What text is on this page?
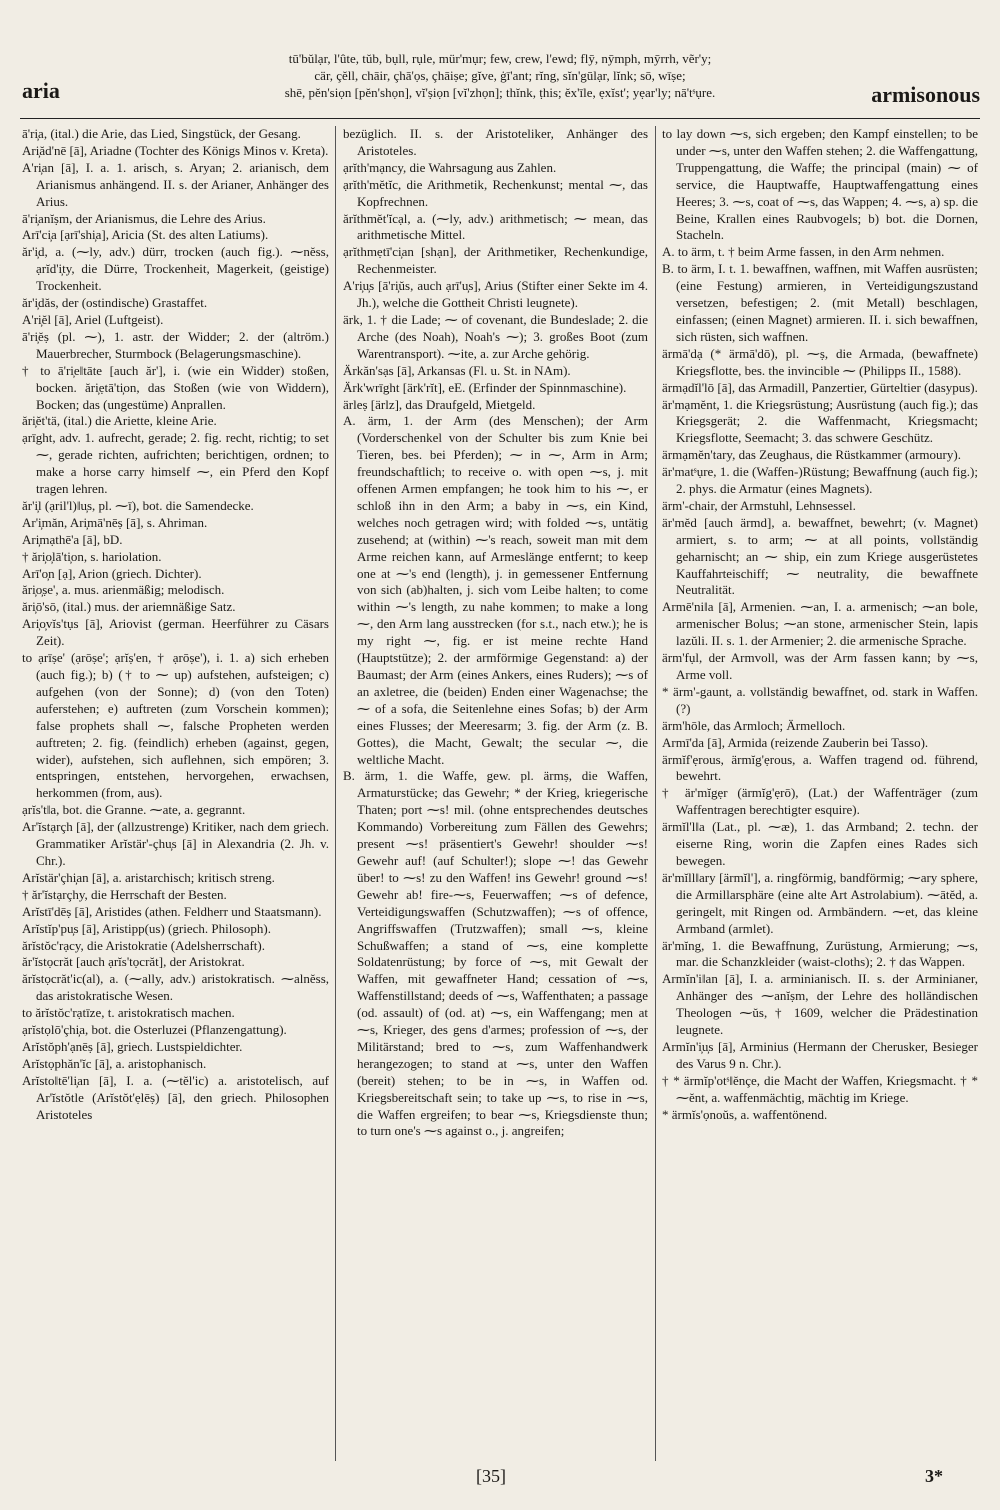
tū'bŭlạr, l'ûte, tŭb, bụll, rụle, mür'mụr; few, crew, l'ewd; flȳ, nȳmph, mȳrrh, vẽr'y;
cär, çĕll, chāir, çhā'ọs, çhāiṣe; gĭve, ġī'ant; rĭng, sĭn'gūlạr, lĭnk; sō, wīṣe;
shē, pĕn'siọn [pĕn'shọn], vĭ'ṣiọn [vĭ'zhọn]; thĭnk, ṭhis; ĕx'īle, ẹxĭst'; yẹar'ly; nā'tˢụre.
aria	armisonous

ā'ri̦a, (ital.) die Arie, das Lied, Singstück, der Gesang.

Ari̦ăd'nē [ā], Ariadne (Tochter des Königs Minos v. Kreta).

A'ri̦an [ā], I. a. 1. arisch, s. Aryan; 2. arianisch, dem Arianismus anhängend. II. s. der Arianer, Anhänger des Arius.

ā'ri̦anĭṣm, der Arianismus, die Lehre des Arius.

Arī'ci̦a [ạrī'shi̦a], Aricia (St. des alten Latiums).

ăr'i̦d, a. (⁓ly, adv.) dürr, trocken (auch fig.). ⁓nĕss, ạrĭd'i̦ty, die Dürre, Trockenheit, Magerkeit, (geistige) Trockenheit.

ăr'i̦dăs, der (ostindische) Grastaffet.

A'ri̦ĕl [ā], Ariel (Luftgeist).

ā'ri̦ĕṣ (pl. ⁓), 1. astr. der Widder; 2. der (altröm.) Mauerbrecher, Sturmbock (Belagerungsmaschine).

† to ā'ri̦e‖tāte [auch ăr'], i. (wie ein Widder) stoßen, bocken. ări̦ẹtā'ti̦on, das Stoßen (wie von Widdern), Bocken; das (ungestüme) Anprallen.

ări̦ĕt'tä, (ital.) die Ariette, kleine Arie.

ạrīght, adv. 1. aufrecht, gerade; 2. fig. recht, richtig; to set ⁓, gerade richten, aufrichten; berichtigen, ordnen; to make a horse carry himself ⁓, ein Pferd den Kopf tragen lehren.

ăr'i̦l (ạril'l)‖u̦s, pl. ⁓ī), bot. die Samendecke.

Ar'i̦măn, Ari̦mā'nēṣ [ā], s. Ahriman.

Ari̦mạthē'a [ā], bD.

† ări̦o̦lā'ti̦on, s. hariolation.

Arī'o̦n [ạ], Arion (griech. Dichter).

ări̦o̦ṣe', a. mus. arienmäßig; melodisch.

ări̦ō'sō, (ital.) mus. der ariemnäßige Satz.

Ari̦o̦vĭs'tụs [ā], Ariovist (german. Heerführer zu Cäsars Zeit).

to ạrīṣe' (ạrōṣe'; ạrĭṣ'en, † ạrōṣe'), i. 1. a) sich erheben (auch fig.); b) († to ⁓ up) aufstehen, aufsteigen; c) aufgehen (von der Sonne); d) (von den Toten) auferstehen; e) auftreten (zum Vorschein kommen); false prophets shall ⁓, falsche Propheten werden auftreten; 2. fig. (feindlich) erheben (against, gegen, wider), aufstehen, sich auflehnen, sich empören; 3. entspringen, entstehen, hervorgehen, erwachsen, herkommen (from, aus).

ạrĭs't‖a, bot. die Granne. ⁓ate, a. gegrannt.

Ar'ĭstạrçh [ā], der (allzustrenge) Kritiker, nach dem griech. Grammatiker Arĭstär'-çhu̦s [ā] in Alexandria (2. Jh. v. Chr.).

Arĭstär'çhi̦an [ā], a. aristarchisch; kritisch streng.

† ăr'ĭstạrçhy, die Herrschaft der Besten.

Arĭstī'dēṣ [ā], Aristides (athen. Feldherr und Staatsmann).

Arĭstĭp'pu̦s [ā], Aristipp(us) (griech. Philosoph).

ărĭstŏc'rạcy, die Aristokratie (Adelsherrschaft).

ăr'ĭstọcrăt [auch ạrĭs'tọcrăt], der Aristokrat.

ărĭstọcrăt'ic(al), a. (⁓ally, adv.) aristokratisch. ⁓alnĕss, das aristokratische Wesen.

to ărĭstŏc'rạtīze, t. aristokratisch machen.

ạrĭstọlō'çhi̦a, bot. die Osterluzei (Pflanzengattung).

Arĭstŏph'ạnēṣ [ā], griech. Lustspieldichter.

Arĭstọphăn'ĭc [ā], a. aristophanisch.

Arĭsto‖tē'li̦an [ā], I. a. (⁓tĕl'ic) a. aristotelisch, auf Ar'ĭstŏtle (Arĭstŏt'ẹlēṣ) [ā], den griech. Philosophen Aristoteles

bezüglich. II. s. der Aristoteliker, Anhänger des Aristoteles.

ạrĭth'mạncy, die Wahrsagung aus Zahlen.

ạrĭth'mĕtĭc, die Arithmetik, Rechenkunst; mental ⁓, das Kopfrechnen.

ărĭthmĕt'ĭcạl, a. (⁓ly, adv.) arithmetisch; ⁓ mean, das arithmetische Mittel.

ạrĭthmẹtī'ci̦an [shạn], der Arithmetiker, Rechenkundige, Rechenmeister.

A'ri̦u̦s [ā'ri̦ŭs, auch ạrī'u̦s], Arius (Stifter einer Sekte im 4. Jh.), welche die Gottheit Christi leugnete).

ärk, 1. † die Lade; ⁓ of covenant, die Bundeslade; 2. die Arche (des Noah), Noah's ⁓); 3. großes Boot (zum Warentransport). ⁓ite, a. zur Arche gehörig.

Ärkăn'sạs [ā], Arkansas (Fl. u. St. in NAm).

Ärk'wrīght [ärk'rĭt], eE. (Erfinder der Spinnmaschine).

ärleṣ [ärlz], das Draufgeld, Mietgeld.

A. ärm, 1. der Arm (des Menschen); der Arm (Vorderschenkel von der Schulter bis zum Knie bei Tieren, bes. bei Pferden); ⁓ in ⁓, Arm in Arm; freundschaftlich; to receive o. with open ⁓s, j. mit offenen Armen empfangen; he took him to his ⁓, er schloß ihn in den Arm; a baby in ⁓s, ein Kind, welches noch getragen wird; with folded ⁓s, untätig zusehend; at (within) ⁓'s reach, soweit man mit dem Arme reichen kann, auf Armeslänge entfernt; to keep one at ⁓'s end (length), j. in gemessener Entfernung von sich (ab)halten, j. sich vom Leibe halten; to come within ⁓'s length, zu nahe kommen; to make a long ⁓, den Arm lang ausstrecken (for s.t., nach etw.); he is my right ⁓, fig. er ist meine rechte Hand (Hauptstütze); 2. der armförmige Gegenstand: a) der Baumast; der Arm (eines Ankers, eines Ruders); ⁓s of an axletree, die (beiden) Enden einer Wagenachse; the ⁓ of a sofa, die Seitenlehne eines Sofas; b) der Arm eines Flusses; der Meeresarm; 3. fig. der Arm (z. B. Gottes), die Macht, Gewalt; the secular ⁓, die weltliche Macht.

B. ärm, 1. die Waffe, gew. pl. ärmṣ, die Waffen, Armaturstücke; das Gewehr; * der Krieg, kriegerische Thaten; port ⁓s! mil. (ohne entsprechendes deutsches Kommando) Vorbereitung zum Fällen des Gewehrs; present ⁓s! präsentiert's Gewehr! shoulder ⁓s! Gewehr auf! (auf Schulter!); slope ⁓! das Gewehr über! to ⁓s! zu den Waffen! ins Gewehr! ground ⁓s! Gewehr ab! fire-⁓s, Feuerwaffen; ⁓s of defence, Verteidigungswaffen (Schutzwaffen); ⁓s of offence, Angriffswaffen (Trutzwaffen); small ⁓s, kleine Schußwaffen; a stand of ⁓s, eine komplette Soldatenrüstung; by force of ⁓s, mit Gewalt der Waffen, mit gewaffneter Hand; cessation of ⁓s, Waffenstillstand; deeds of ⁓s, Waffenthaten; a passage (od. assault) of (od. at) ⁓s, ein Waffengang; men at ⁓s, Krieger, des gens d'armes; profession of ⁓s, der Militärstand; bred to ⁓s, zum Waffenhandwerk herangezogen; to stand at ⁓s, unter den Waffen (bereit) stehen; to be in ⁓s, in Waffen od. Kriegsbereitschaft sein; to take up ⁓s, to rise in ⁓s, die Waffen ergreifen; to bear ⁓s, Kriegsdienste thun; to turn one's ⁓s against o., j. angreifen;

to lay down ⁓s, sich ergeben; den Kampf einstellen; to be under ⁓s, unter den Waffen stehen; 2. die Waffengattung, Truppengattung, die Waffe; the principal (main) ⁓ of service, die Hauptwaffe, Hauptwaffengattung eines Heeres; 3. ⁓s, coat of ⁓s, das Wappen; 4. ⁓s, a) sp. die Beine, Krallen eines Raubvogels; b) bot. die Dornen, Stacheln.

A. to ärm, t. † beim Arme fassen, in den Arm nehmen.

B. to ärm, I. t. 1. bewaffnen, waffnen, mit Waffen ausrüsten; (eine Festung) armieren, in Verteidigungszustand versetzen, befestigen; 2. (mit Metall) beschlagen, einfassen; (einen Magnet) armieren. II. i. sich bewaffnen, sich rüsten, sich waffnen.

ärmā'dạ (* ärmā'dō), pl. ⁓ṣ, die Armada, (bewaffnete) Kriegsflotte, bes. the invincible ⁓ (Philipps II., 1588).

ärmạdĭl'lō [ā], das Armadill, Panzertier, Gürteltier (dasypus).

är'mạmĕnt, 1. die Kriegsrüstung; Ausrüstung (auch fig.); das Kriegsgerät; 2. die Waffenmacht, Kriegsmacht; Kriegsflotte, Seemacht; 3. das schwere Geschütz.

ärmạmĕn'tary, das Zeughaus, die Rüstkammer (armoury).

är'matˢụre, 1. die (Waffen-)Rüstung; Bewaffnung (auch fig.); 2. phys. die Armatur (eines Magnets).

ärm'-chair, der Armstuhl, Lehnsessel.

är'mĕd [auch ärmd], a. bewaffnet, bewehrt; (v. Magnet) armiert, s. to arm; ⁓ at all points, vollständig geharnischt; an ⁓ ship, ein zum Kriege ausgerüstetes Kauffahrteischiff; ⁓ neutrality, die bewaffnete Neutralität.

Armē'ni‖a [ā], Armenien. ⁓an, I. a. armenisch; ⁓an bole, armenischer Bolus; ⁓an stone, armenischer Stein, lapis lazŭli. II. s. 1. der Armenier; 2. die armenische Sprache.

ärm'fụl, der Armvoll, was der Arm fassen kann; by ⁓s, Arme voll.

* ärm'-gaunt, a. vollständig bewaffnet, od. stark in Waffen. (?)

ärm'hōle, das Armloch; Ärmelloch.

Armī'da [ā], Armida (reizende Zauberin bei Tasso).

ärmĭf'ẹrous, ärmĭg'ẹrous, a. Waffen tragend od. führend, bewehrt.

† är'mĭgẹr (ärmĭg'ẹrō), (Lat.) der Waffenträger (zum Waffentragen berechtigter esquire).

ärmĭl'l‖a (Lat., pl. ⁓æ), 1. das Armband; 2. techn. der eiserne Ring, worin die Zapfen eines Rades sich bewegen.

är'mĭll‖ary [ärmĭl'], a. ringförmig, bandförmig; ⁓ary sphere, die Armillarsphäre (eine alte Art Astrolabium). ⁓ātĕd, a. geringelt, mit Ringen od. Armbändern. ⁓et, das kleine Armband (armlet).

är'mĭng, 1. die Bewaffnung, Zurüstung, Armierung; ⁓s, mar. die Schanzkleider (waist-cloths); 2. † das Wappen.

Armĭn'i‖an [ā], I. a. arminianisch. II. s. der Arminianer, Anhänger des ⁓anĭṣm, der Lehre des holländischen Theologen ⁓ŭs, † 1609, welcher die Prädestination leugnete.

Armĭn'i̦u̦s [ā], Arminius (Hermann der Cherusker, Besieger des Varus 9 n. Chr.).

† * ärmĭp'otˢ‖ĕnçe, die Macht der Waffen, Kriegsmacht. † * ⁓ĕnt, a. waffenmächtig, mächtig im Kriege.

* ärmĭs'ọnoŭs, a. waffentönend.

[35]	3*
